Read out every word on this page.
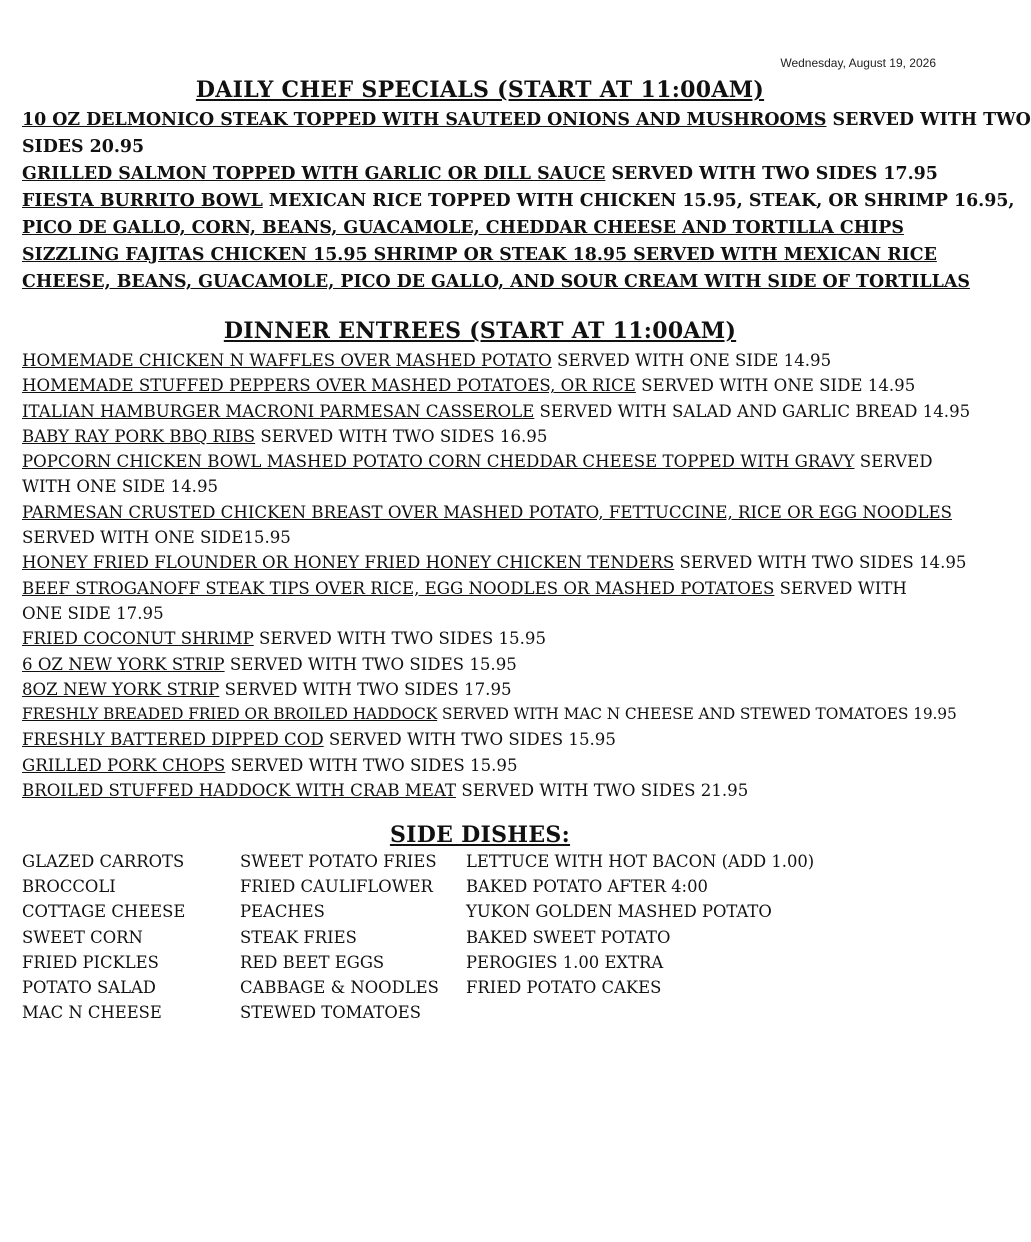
Wednesday, August 19, 2026
DAILY CHEF SPECIALS (START AT 11:00AM)
10 OZ DELMONICO STEAK TOPPED WITH SAUTEED ONIONS AND MUSHROOMS SERVED WITH TWO
SIDES 20.95
GRILLED SALMON TOPPED WITH GARLIC OR DILL SAUCE SERVED WITH TWO SIDES 17.95
FIESTA BURRITO BOWL MEXICAN RICE TOPPED WITH CHICKEN 15.95, STEAK, OR SHRIMP 16.95,
PICO DE GALLO, CORN, BEANS, GUACAMOLE, CHEDDAR CHEESE AND TORTILLA CHIPS
SIZZLING FAJITAS CHICKEN 15.95 SHRIMP OR STEAK 18.95 SERVED WITH MEXICAN RICE
CHEESE, BEANS, GUACAMOLE, PICO DE GALLO, AND SOUR CREAM WITH SIDE OF TORTILLAS
DINNER ENTREES (START AT 11:00AM)
HOMEMADE CHICKEN N WAFFLES OVER MASHED POTATO SERVED WITH ONE SIDE 14.95
HOMEMADE STUFFED PEPPERS OVER MASHED POTATOES, OR RICE SERVED WITH ONE SIDE 14.95
ITALIAN HAMBURGER MACRONI PARMESAN CASSEROLE SERVED WITH SALAD AND GARLIC BREAD 14.95
BABY RAY PORK BBQ RIBS SERVED WITH TWO SIDES 16.95
POPCORN CHICKEN BOWL MASHED POTATO CORN CHEDDAR CHEESE TOPPED WITH GRAVY SERVED
WITH ONE SIDE 14.95
PARMESAN CRUSTED CHICKEN BREAST OVER MASHED POTATO, FETTUCCINE, RICE OR EGG NOODLES
SERVED WITH ONE SIDE15.95
HONEY FRIED FLOUNDER OR HONEY FRIED HONEY CHICKEN TENDERS SERVED WITH TWO SIDES 14.95
BEEF STROGANOFF STEAK TIPS OVER RICE, EGG NOODLES OR MASHED POTATOES SERVED WITH
ONE SIDE 17.95
FRIED COCONUT SHRIMP SERVED WITH TWO SIDES 15.95
6 OZ NEW YORK STRIP SERVED WITH TWO SIDES 15.95
8OZ NEW YORK STRIP SERVED WITH TWO SIDES 17.95
FRESHLY BREADED FRIED OR BROILED HADDOCK SERVED WITH MAC N CHEESE AND STEWED TOMATOES 19.95
FRESHLY BATTERED DIPPED COD SERVED WITH TWO SIDES 15.95
GRILLED PORK CHOPS SERVED WITH TWO SIDES 15.95
BROILED STUFFED HADDOCK WITH CRAB MEAT SERVED WITH TWO SIDES 21.95
SIDE DISHES:
GLAZED CARROTS	SWEET POTATO FRIES	LETTUCE WITH HOT BACON (ADD 1.00)
BROCCOLI	FRIED CAULIFLOWER	BAKED POTATO AFTER 4:00
COTTAGE CHEESE	PEACHES	YUKON GOLDEN MASHED POTATO
SWEET CORN	STEAK FRIES	BAKED SWEET POTATO
FRIED PICKLES	RED BEET EGGS	PEROGIES 1.00 EXTRA
POTATO SALAD	CABBAGE & NOODLES	FRIED POTATO CAKES
MAC N CHEESE	STEWED TOMATOES
